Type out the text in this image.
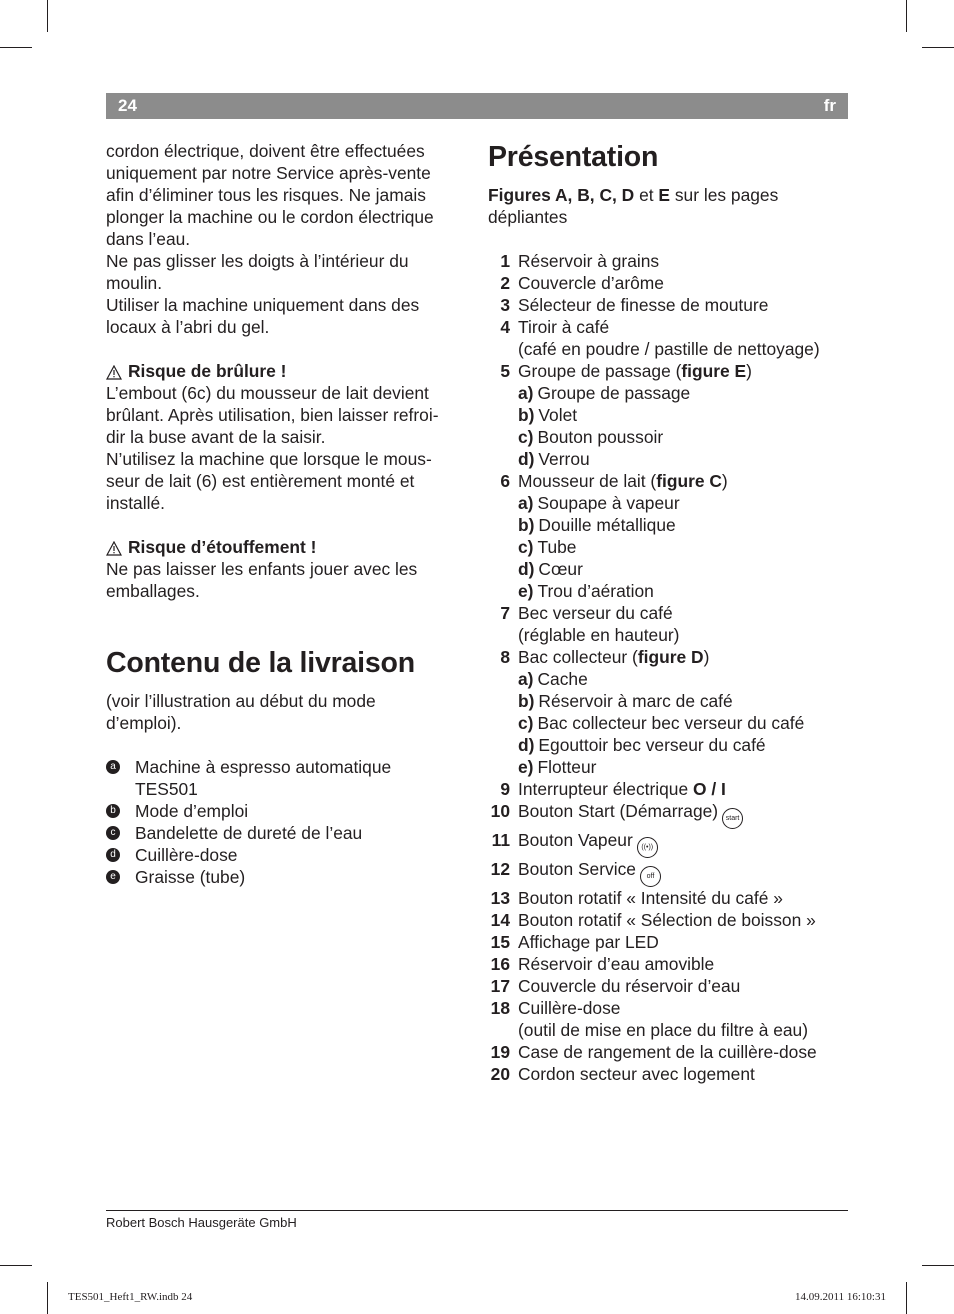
24	fr

cordon électrique, doivent être effectuées

uniquement par notre Service après-vente

afin d’éliminer tous les risques. Ne jamais

plonger la machine ou le cordon électrique

dans l’eau.

Ne pas glisser les doigts à l’intérieur du

moulin.

Utiliser la machine uniquement dans des

locaux à l’abri du gel.

Risque de brûlure !

L’embout (6c) du mousseur de lait devient

brûlant. Après utilisation, bien laisser refroi-

dir la buse avant de la saisir.

N’utilisez la machine que lorsque le mous-

seur de lait (6) est entièrement monté et

installé.

Risque d’étouffement !

Ne pas laisser les enfants jouer avec les

emballages.

Contenu de la livraison

(voir l’illustration au début du mode

d’emploi).

a Machine à espresso automatique

TES501

b Mode d’emploi

c Bandelette de dureté de l’eau

d Cuillère-dose

e Graisse (tube)

Présentation

Figures A, B, C, D et E sur les pages

dépliantes

1 Réservoir à grains
2 Couvercle d’arôme
3 Sélecteur de finesse de mouture
4 Tiroir à café
(café en poudre / pastille de nettoyage)
5 Groupe de passage (figure E)
a) Groupe de passage
b) Volet
c) Bouton poussoir
d) Verrou
6 Mousseur de lait (figure C)
a) Soupape à vapeur
b) Douille métallique
c) Tube
d) Cœur
e) Trou d’aération
7 Bec verseur du café
(réglable en hauteur)
8 Bac collecteur (figure D)
a) Cache
b) Réservoir à marc de café
c) Bac collecteur bec verseur du café
d) Egouttoir bec verseur du café
e) Flotteur
9 Interrupteur électrique O / I
10 Bouton Start (Démarrage) start
11 Bouton Vapeur ((•))
12 Bouton Service off
13 Bouton rotatif « Intensité du café »
14 Bouton rotatif « Sélection de boisson »
15 Affichage par LED
16 Réservoir d’eau amovible
17 Couvercle du réservoir d’eau
18 Cuillère-dose
(outil de mise en place du filtre à eau)
19 Case de rangement de la cuillère-dose
20 Cordon secteur avec logement
Robert Bosch Hausgeräte GmbH
TES501_Heft1_RW.indb 24	14.09.2011 16:10:31
